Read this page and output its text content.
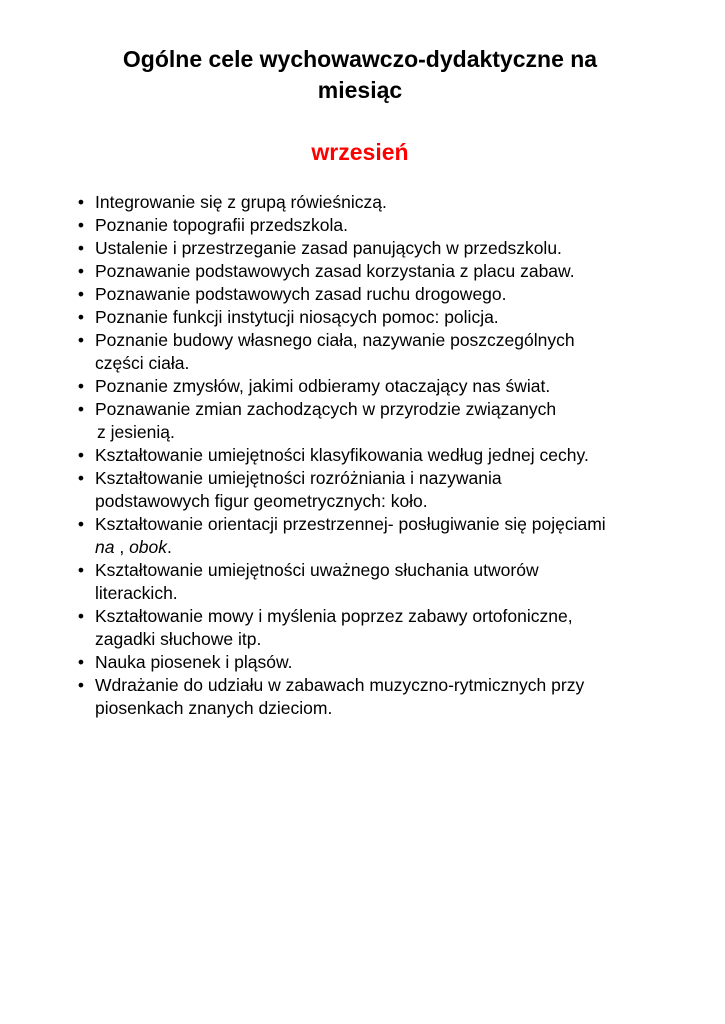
Ogólne cele wychowawczo-dydaktyczne na
miesiąc
wrzesień
• Integrowanie się z grupą rówieśniczą.
• Poznanie topografii przedszkola.
• Ustalenie i przestrzeganie zasad panujących w przedszkolu.
• Poznawanie podstawowych zasad korzystania z placu zabaw.
• Poznawanie podstawowych zasad ruchu drogowego.
• Poznanie funkcji instytucji niosących pomoc: policja.
• Poznanie budowy własnego ciała, nazywanie poszczególnych
części ciała.
• Poznanie zmysłów, jakimi odbieramy otaczający nas świat.
• Poznawanie zmian zachodzących w przyrodzie związanych
z jesienią.
• Kształtowanie umiejętności klasyfikowania według jednej cechy.
• Kształtowanie umiejętności rozróżniania i nazywania
podstawowych figur geometrycznych: koło.
• Kształtowanie orientacji przestrzennej- posługiwanie się pojęciami
na , obok.
• Kształtowanie umiejętności uważnego słuchania utworów
literackich.
• Kształtowanie mowy i myślenia poprzez zabawy ortofoniczne,
zagadki słuchowe itp.
• Nauka piosenek i pląsów.
• Wdrażanie do udziału w zabawach muzyczno-rytmicznych przy
piosenkach znanych dzieciom.
